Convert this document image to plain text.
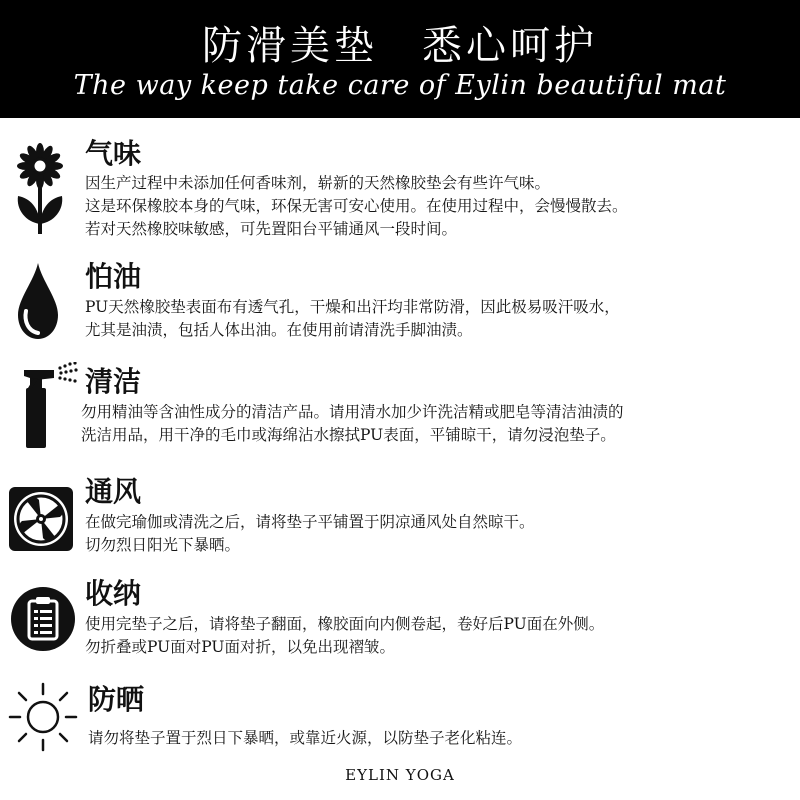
防滑美垫　悉心呵护
The way keep take care of Eylin beautiful mat
气味
因生产过程中未添加任何香味剂，崭新的天然橡胶垫会有些许气味。
这是环保橡胶本身的气味，环保无害可安心使用。在使用过程中，会慢慢散去。
若对天然橡胶味敏感，可先置阳台平铺通风一段时间。
怕油
PU天然橡胶垫表面布有透气孔，干燥和出汗均非常防滑，因此极易吸汗吸水，
尤其是油渍，包括人体出油。在使用前请清洗手脚油渍。
清洁
勿用精油等含油性成分的清洁产品。请用清水加少许洗洁精或肥皂等清洁油渍的
洗洁用品，用干净的毛巾或海绵沾水擦拭PU表面，平铺晾干，请勿浸泡垫子。
通风
在做完瑜伽或清洗之后，请将垫子平铺置于阴凉通风处自然晾干。
切勿烈日阳光下暴晒。
收纳
使用完垫子之后，请将垫子翻面，橡胶面向内侧卷起，卷好后PU面在外侧。
勿折叠或PU面对PU面对折，以免出现褶皱。
防晒
请勿将垫子置于烈日下暴晒，或靠近火源，以防垫子老化粘连。
EYLIN YOGA
